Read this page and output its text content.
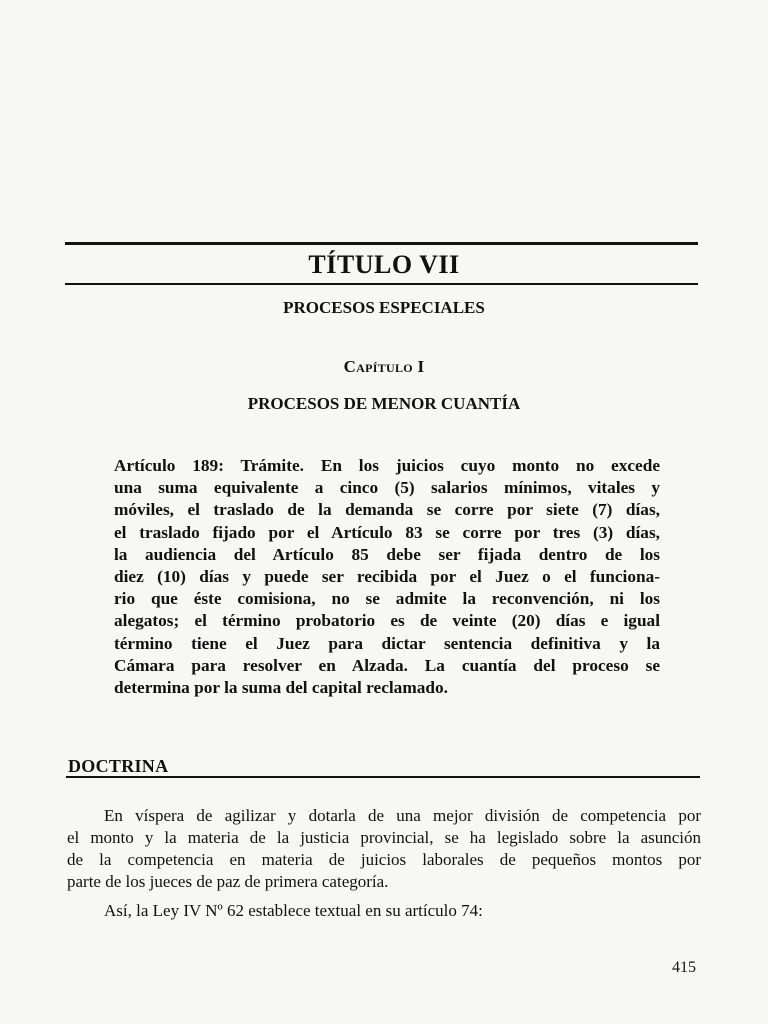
TÍTULO VII
PROCESOS ESPECIALES
Capítulo I
PROCESOS DE MENOR CUANTÍA
Artículo 189: Trámite. En los juicios cuyo monto no excede
una suma equivalente a cinco (5) salarios mínimos, vitales y
móviles, el traslado de la demanda se corre por siete (7) días,
el traslado fijado por el Artículo 83 se corre por tres (3) días,
la audiencia del Artículo 85 debe ser fijada dentro de los
diez (10) días y puede ser recibida por el Juez o el funciona-
rio que éste comisiona, no se admite la reconvención, ni los
alegatos; el término probatorio es de veinte (20) días e igual
término tiene el Juez para dictar sentencia definitiva y la
Cámara para resolver en Alzada. La cuantía del proceso se
determina por la suma del capital reclamado.
DOCTRINA

En víspera de agilizar y dotarla de una mejor división de competencia por
el monto y la materia de la justicia provincial, se ha legislado sobre la asunción
de la competencia en materia de juicios laborales de pequeños montos por
parte de los jueces de paz de primera categoría.

Así, la Ley IV Nº 62 establece textual en su artículo 74:

415
